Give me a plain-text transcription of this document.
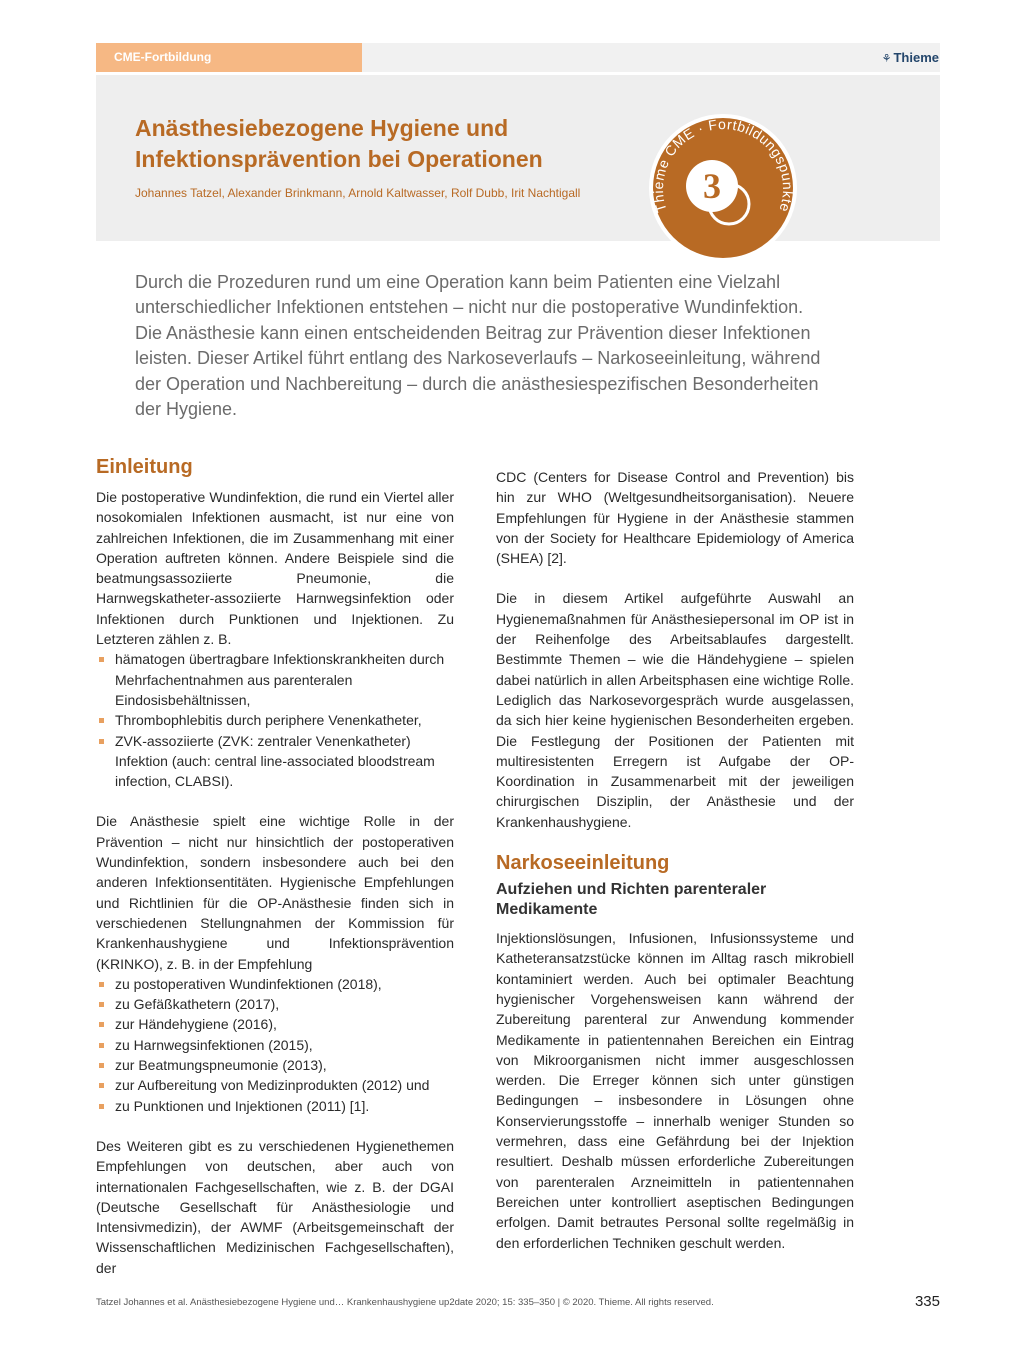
CME-Fortbildung	⚘ Thieme
Anästhesiebezogene Hygiene und
Infektionsprävention bei Operationen
Johannes Tatzel, Alexander Brinkmann, Arnold Kaltwasser, Rolf Dubb, Irit Nachtigall
Thieme CME · Fortbildungspunkte
3
Durch die Prozeduren rund um eine Operation kann beim Patienten eine Vielzahl unterschiedlicher Infektionen entstehen – nicht nur die postoperative Wundinfektion. Die Anästhesie kann einen entscheidenden Beitrag zur Prävention dieser Infektionen leisten. Dieser Artikel führt entlang des Narkoseverlaufs – Narkoseeinleitung, während der Operation und Nachbereitung – durch die anästhesiespezifischen Besonderheiten der Hygiene.
Einleitung

Die postoperative Wundinfektion, die rund ein Viertel aller nosokomialen Infektionen ausmacht, ist nur eine von zahlreichen Infektionen, die im Zusammenhang mit einer Operation auftreten können. Andere Beispiele sind die beatmungsassoziierte Pneumonie, die Harnwegskatheter-assoziierte Harnwegsinfektion oder Infektionen durch Punktionen und Injektionen. Zu Letzteren zählen z. B.

hämatogen übertragbare Infektionskrankheiten durch Mehrfachentnahmen aus parenteralen Eindosisbehältnissen,
Thrombophlebitis durch periphere Venenkatheter,
ZVK-assoziierte (ZVK: zentraler Venenkatheter) Infektion (auch: central line-associated bloodstream infection, CLABSI).

Die Anästhesie spielt eine wichtige Rolle in der Prävention – nicht nur hinsichtlich der postoperativen Wundinfektion, sondern insbesondere auch bei den anderen Infektionsentitäten. Hygienische Empfehlungen und Richtlinien für die OP-Anästhesie finden sich in verschiedenen Stellungnahmen der Kommission für Krankenhaushygiene und Infektionsprävention (KRINKO), z. B. in der Empfehlung

zu postoperativen Wundinfektionen (2018),
zu Gefäßkathetern (2017),
zur Händehygiene (2016),
zu Harnwegsinfektionen (2015),
zur Beatmungspneumonie (2013),
zur Aufbereitung von Medizinprodukten (2012) und
zu Punktionen und Injektionen (2011) [1].

Des Weiteren gibt es zu verschiedenen Hygienethemen Empfehlungen von deutschen, aber auch von internationalen Fachgesellschaften, wie z. B. der DGAI (Deutsche Gesellschaft für Anästhesiologie und Intensivmedizin), der AWMF (Arbeitsgemeinschaft der Wissenschaftlichen Medizinischen Fachgesellschaften), der

CDC (Centers for Disease Control and Prevention) bis hin zur WHO (Weltgesundheitsorganisation). Neuere Empfehlungen für Hygiene in der Anästhesie stammen von der Society for Healthcare Epidemiology of America (SHEA) [2].

Die in diesem Artikel aufgeführte Auswahl an Hygienemaßnahmen für Anästhesiepersonal im OP ist in der Reihenfolge des Arbeitsablaufes dargestellt. Bestimmte Themen – wie die Händehygiene – spielen dabei natürlich in allen Arbeitsphasen eine wichtige Rolle. Lediglich das Narkosevorgespräch wurde ausgelassen, da sich hier keine hygienischen Besonderheiten ergeben. Die Festlegung der Positionen der Patienten mit multiresistenten Erregern ist Aufgabe der OP-Koordination in Zusammenarbeit mit der jeweiligen chirurgischen Disziplin, der Anästhesie und der Krankenhaushygiene.

Narkoseeinleitung
Aufziehen und Richten parenteraler Medikamente

Injektionslösungen, Infusionen, Infusionssysteme und Katheteransatzstücke können im Alltag rasch mikrobiell kontaminiert werden. Auch bei optimaler Beachtung hygienischer Vorgehensweisen kann während der Zubereitung parenteral zur Anwendung kommender Medikamente in patientennahen Bereichen ein Eintrag von Mikroorganismen nicht immer ausgeschlossen werden. Die Erreger können sich unter günstigen Bedingungen – insbesondere in Lösungen ohne Konservierungsstoffe – innerhalb weniger Stunden so vermehren, dass eine Gefährdung bei der Injektion resultiert. Deshalb müssen erforderliche Zubereitungen von parenteralen Arzneimitteln in patientennahen Bereichen unter kontrolliert aseptischen Bedingungen erfolgen. Damit betrautes Personal sollte regelmäßig in den erforderlichen Techniken geschult werden.

Tatzel Johannes et al. Anästhesiebezogene Hygiene und… Krankenhaushygiene up2date 2020; 15: 335–350 | © 2020. Thieme. All rights reserved.	335
